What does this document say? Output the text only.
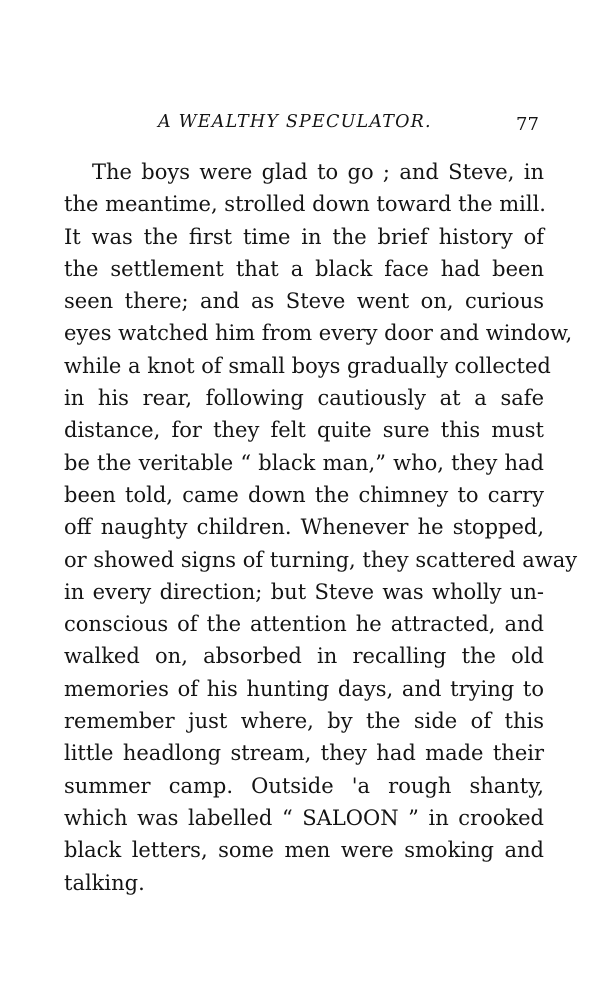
A WEALTHY SPECULATOR.	77
The boys were glad to go ; and Steve, in
the meantime, strolled down toward the mill.
It was the first time in the brief history of
the settlement that a black face had been
seen there; and as Steve went on, curious
eyes watched him from every door and window,
while a knot of small boys gradually collected
in his rear, following cautiously at a safe
distance, for they felt quite sure this must
be the veritable “ black man,” who, they had
been told, came down the chimney to carry
off naughty children. Whenever he stopped,
or showed signs of turning, they scattered away
in every direction; but Steve was wholly un-
conscious of the attention he attracted, and
walked on, absorbed in recalling the old
memories of his hunting days, and trying to
remember just where, by the side of this
little headlong stream, they had made their
summer camp. Outside 'a rough shanty,
which was labelled “ SALOON ” in crooked
black letters, some men were smoking and
talking.
